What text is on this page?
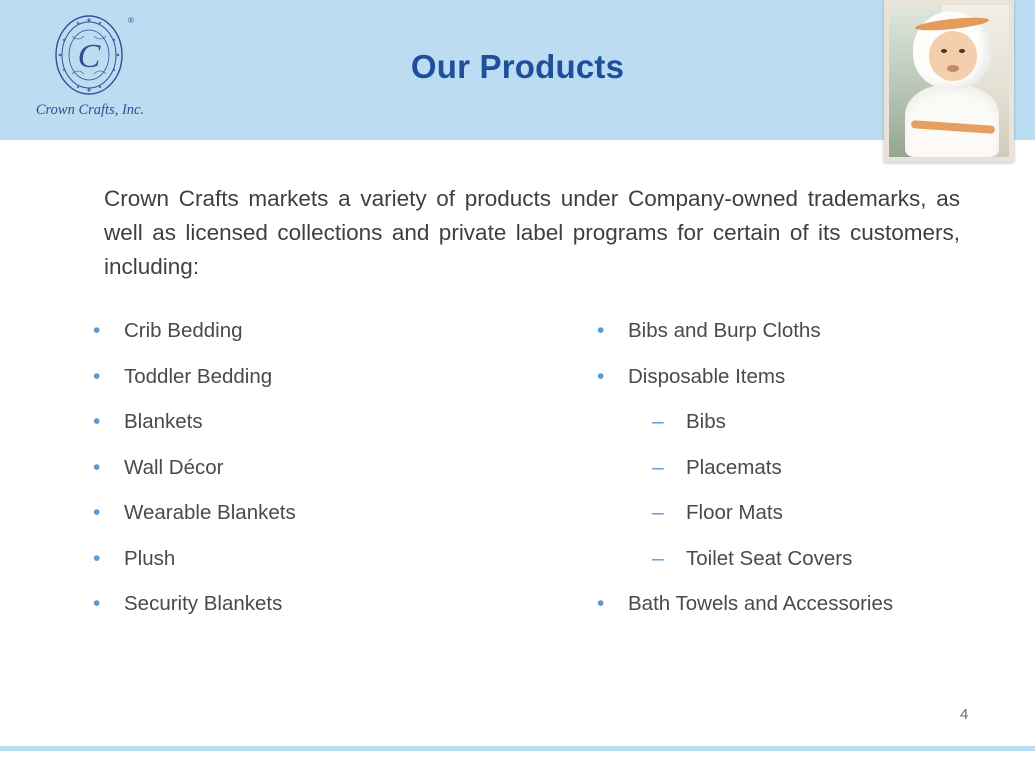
C
®
Crown Crafts, Inc.
Our Products
Crown Crafts markets a variety of products under Company-owned trademarks, as well as licensed collections and private label programs for certain of its customers, including:
• Crib Bedding
• Toddler Bedding
• Blankets
• Wall Décor
• Wearable Blankets
• Plush
• Security Blankets
• Bibs and Burp Cloths
• Disposable Items
– Bibs
– Placemats
– Floor Mats
– Toilet Seat Covers
• Bath Towels and Accessories
4
